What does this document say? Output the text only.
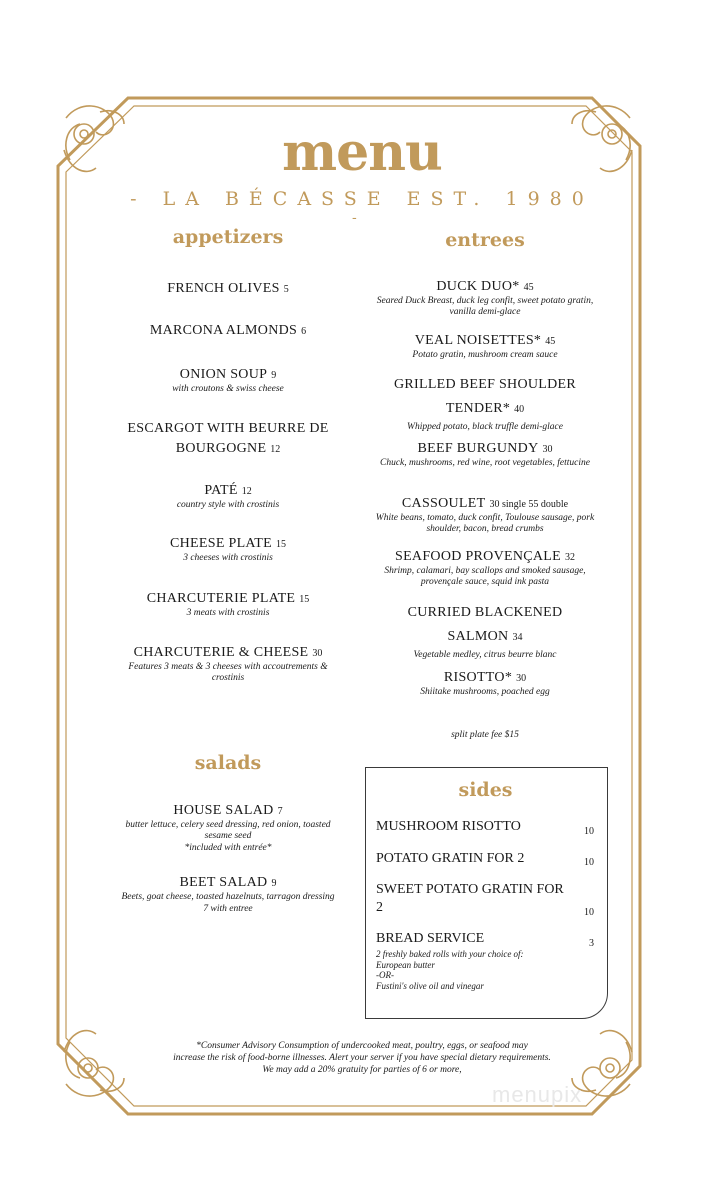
menu
- LA BÉCASSE EST. 1980
-
appetizers
FRENCH OLIVES 5
MARCONA ALMONDS 6
ONION SOUP 9
with croutons & swiss cheese
ESCARGOT WITH BEURRE DE BOURGOGNE 12
PATÉ 12
country style with crostinis
CHEESE PLATE 15
3 cheeses with crostinis
CHARCUTERIE PLATE 15
3 meats with crostinis
CHARCUTERIE & CHEESE 30
Features 3 meats & 3 cheeses with accoutrements & crostinis
entrees
DUCK DUO* 45
Seared Duck Breast, duck leg confit, sweet potato gratin, vanilla demi-glace
VEAL NOISETTES* 45
Potato gratin, mushroom cream sauce
GRILLED BEEF SHOULDER TENDER* 40
Whipped potato, black truffle demi-glace
BEEF BURGUNDY 30
Chuck, mushrooms, red wine, root vegetables, fettucine
CASSOULET 30 single 55 double
White beans, tomato, duck confit, Toulouse sausage, pork shoulder, bacon, bread crumbs
SEAFOOD PROVENÇALE 32
Shrimp, calamari, bay scallops and smoked sausage, provençale sauce, squid ink pasta
CURRIED BLACKENED SALMON 34
Vegetable medley, citrus beurre blanc
RISOTTO* 30
Shiitake mushrooms, poached egg
split plate fee $15
salads
HOUSE SALAD 7
butter lettuce, celery seed dressing, red onion, toasted sesame seed
*included with entrée*
BEET SALAD 9
Beets, goat cheese, toasted hazelnuts, tarragon dressing
7 with entree
sides
MUSHROOM RISOTTO	10
POTATO GRATIN FOR 2	10
SWEET POTATO GRATIN FOR 2	10
BREAD SERVICE	3
2 freshly baked rolls with your choice of:
European butter
-OR-
Fustini's olive oil and vinegar
*Consumer Advisory Consumption of undercooked meat, poultry, eggs, or seafood may
increase the risk of food-borne illnesses. Alert your server if you have special dietary requirements.
We may add a 20% gratuity for parties of 6 or more,
menupix
